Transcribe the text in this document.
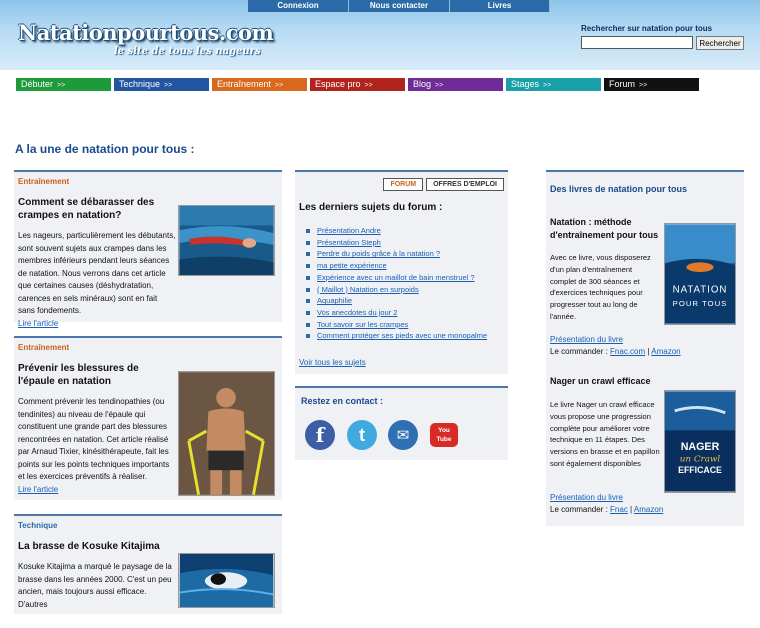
Connexion	Nous contacter	Livres
Natationpourtous.com
le site de tous les nageurs
Rechercher sur natation pour tous
Rechercher
Débuter >>	Technique >>	Entraînement >>	Espace pro >>	Blog >>	Stages >>	Forum >>
A la une de natation pour tous :
Entraînement
Comment se débarasser des crampes en natation?

Les nageurs, particulièrement les débutants, sont souvent sujets aux crampes dans les membres inférieurs pendant leurs séances de natation. Nous verrons dans cet article que certaines causes (déshydratation, carences en sels minéraux) sont en fait sans fondements.

Lire l'article
Entraînement
Prévenir les blessures de l'épaule en natation

Comment prévenir les tendinopathies (ou tendinites) au niveau de l'épaule qui constituent une grande part des blessures rencontrées en natation. Cet article réalisé par Arnaud Tixier, kinésithérapeute, fait les points sur les points techniques importants et les exercices préventifs à réaliser.

Lire l'article
Technique
La brasse de Kosuke Kitajima

Kosuke Kitajima a marqué le paysage de la brasse dans les années 2000. C'est un peu ancien, mais toujours aussi efficace. D'autres

FORUM	OFFRES D'EMPLOI
Les derniers sujets du forum :
Présentation Andre
Présentation Steph
Perdre du poids grâce à la natation ?
ma petite expérience
Expérience avec un maillot de bain menstruel ?
( Maillot ) Natation en surpoids
Aquaphilie
Vos anecdotes du jour 2
Tout savoir sur les crampes
Comment protéger ses pieds avec une monopalme
Voir tous les sujets
Restez en contact :
f t ✉	You Tube
Des livres de natation pour tous
Natation : méthode d'entraînement pour tous
Avec ce livre, vous disposerez d'un plan d'entraînement complet de 300 séances et d'exercices techniques pour progresser tout au long de l'année.
Présentation du livre
Le commander : Fnac.com | Amazon
NATATION
POUR TOUS
Nager un crawl efficace
Le livre Nager un crawl efficace vous propose une progression complète pour améliorer votre technique en 11 étapes. Des versions en brasse et en papillon sont également disponibles
Présentation du livre
Le commander : Fnac | Amazon
NAGER
un Crawl
EFFICACE
